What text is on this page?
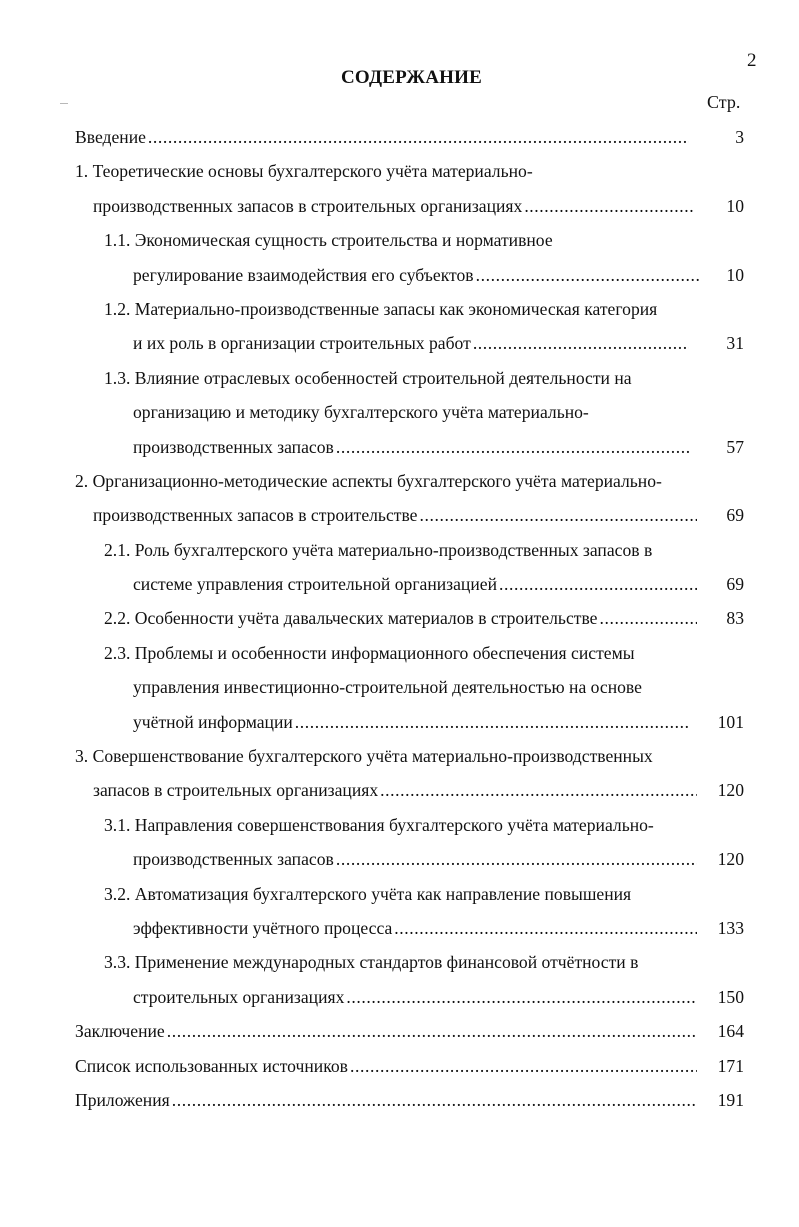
2
СОДЕРЖАНИЕ
Стр.
Введение .....	3
1. Теоретические основы бухгалтерского учёта материально-
производственных запасов в строительных организациях .....	10
1.1. Экономическая сущность строительства и нормативное
регулирование взаимодействия его субъектов .....	10
1.2. Материально-производственные запасы как экономическая категория
и их роль в организации строительных работ .....	31
1.3. Влияние отраслевых особенностей строительной деятельности на
организацию и методику бухгалтерского учёта материально-
производственных запасов .....	57
2. Организационно-методические аспекты бухгалтерского учёта материально-
производственных запасов в строительстве .....	69
2.1. Роль бухгалтерского учёта материально-производственных запасов в
системе управления строительной организацией .....	69
2.2. Особенности учёта давальческих материалов в строительстве .....	83
2.3. Проблемы и особенности информационного обеспечения системы
управления инвестиционно-строительной деятельностью на основе
учётной информации .....	101
3. Совершенствование бухгалтерского учёта материально-производственных
запасов в строительных организациях .....	120
3.1. Направления совершенствования бухгалтерского учёта материально-
производственных запасов .....	120
3.2. Автоматизация бухгалтерского учёта как направление повышения
эффективности учётного процесса .....	133
3.3. Применение международных стандартов финансовой отчётности в
строительных организациях .....	150
Заключение .....	164
Список использованных источников .....	171
Приложения .....	191
